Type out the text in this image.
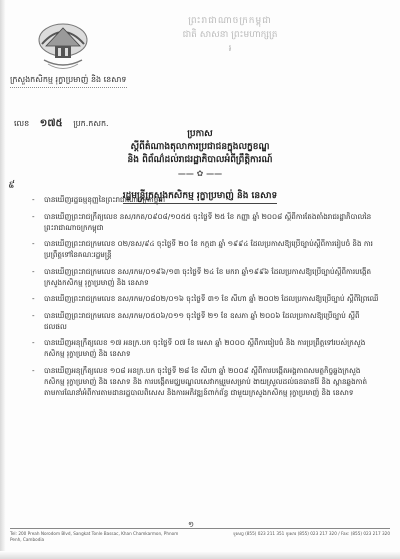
ព្រះរាជាណាចក្រកម្ពុជា
ជាតិ សាសនា ព្រះមហាក្សត្រ
៛
ក្រសួងកសិកម្ម រុក្ខាប្រមាញ់ និង នេសាទ
លេខ ១៧៥ ប្រក.កសក.
ប្រកាស
ស្តីពីតំណាងតុលាការប្រជាជនក្នុងលក្ខខណ្ឌ
និង ពិព័ណ៌ដល់រាជរដ្ឋាភិបាលអំពីព្រឹត្តិការណ៍
—— ✿ ——
រដ្ឋមន្ត្រីក្រសួងកសិកម្ម រុក្ខាប្រមាញ់ និង នេសាទ
៩
- បានឃើញរដ្ឋធម្មនុញ្ញនៃព្រះរាជាណាចក្រកម្ពុជា
- បានឃើញព្រះរាជក្រឹត្យលេខ នស/រកត/០៩០៨/១០៥៥ ចុះថ្ងៃទី ២៥ ខែ កញ្ញា ឆ្នាំ ២០០៨ ស្តីពីការតែងតាំងរាជរដ្ឋាភិបាលនៃព្រះរាជាណាចក្រកម្ពុជា
- បានឃើញព្រះរាជក្រមលេខ ០២/នស/៩៤ ចុះថ្ងៃទី ២០ ខែ កក្កដា ឆ្នាំ ១៩៩៤ ដែលប្រកាសឱ្យប្រើច្បាប់ស្តីពីការរៀបចំ និង ការប្រព្រឹត្តទៅនៃគណៈរដ្ឋមន្ត្រី
- បានឃើញព្រះរាជក្រមលេខ នស/រកម/០១៩៦/១៣ ចុះថ្ងៃទី ២៤ ខែ មករា ឆ្នាំ១៩៩៦ ដែលប្រកាសឱ្យប្រើច្បាប់ស្តីពីការបង្កើតក្រសួងកសិកម្ម រុក្ខាប្រមាញ់ និង នេសាទ
- បានឃើញព្រះរាជក្រមលេខ នស/រកម/០៨០២/០១៦ ចុះថ្ងៃទី ៣១ ខែ សីហា ឆ្នាំ ២០០២ ដែលប្រកាសឱ្យប្រើច្បាប់ ស្តីពីព្រៃឈើ
- បានឃើញព្រះរាជក្រមលេខ នស/រកម/០៥០៦/០១១ ចុះថ្ងៃទី ២១ ខែ ឧសភា ឆ្នាំ ២០០៦ ដែលប្រកាសឱ្យប្រើច្បាប់ ស្តីពីជលផល
- បានឃើញអនុក្រឹត្យលេខ ១៧ អនក្រ.បក ចុះថ្ងៃទី ០៧ ខែ មេសា ឆ្នាំ ២០០០ ស្តីពីការរៀបចំ និង ការប្រព្រឹត្តទៅរបស់ក្រសួងកសិកម្ម រុក្ខាប្រមាញ់ និង នេសាទ
- បានឃើញអនុក្រឹត្យលេខ ១០៨ អនក្រ.បក ចុះថ្ងៃទី ២៨ ខែ សីហា ឆ្នាំ ២០០៩ ស្តីពីការបង្កើតអង្គភាពសមត្ថកិច្ចឆ្លងក្រសួងកសិកម្ម រុក្ខាប្រមាញ់ និង នេសាទ និង ការបង្កើតមជ្ឈមណ្ឌលសេវាកម្មរួមសម្រាប់ ងាយស្រួលដល់ធនធានរ៉ែ និង ស្ពានឆ្លងកាត់ តាមការណែនាំអំពីការតាមដានរដ្ឋបាលពិសេស និងការអភិវឌ្ឍន៍ពាក់ព័ន្ធ ជាមួយក្រសួងកសិកម្ម រុក្ខាប្រមាញ់ និង នេសាទ
១
Tel: 200 Preah Norodom Blvd, Sangkat Tonle Bassac, Khan Chamkarmon, Phnom Penh, Cambodia
ទូរសព្ទ (855) 023 211 351 ទូរសារ (855) 023 217 320 / Fax: (855) 023 217 320
